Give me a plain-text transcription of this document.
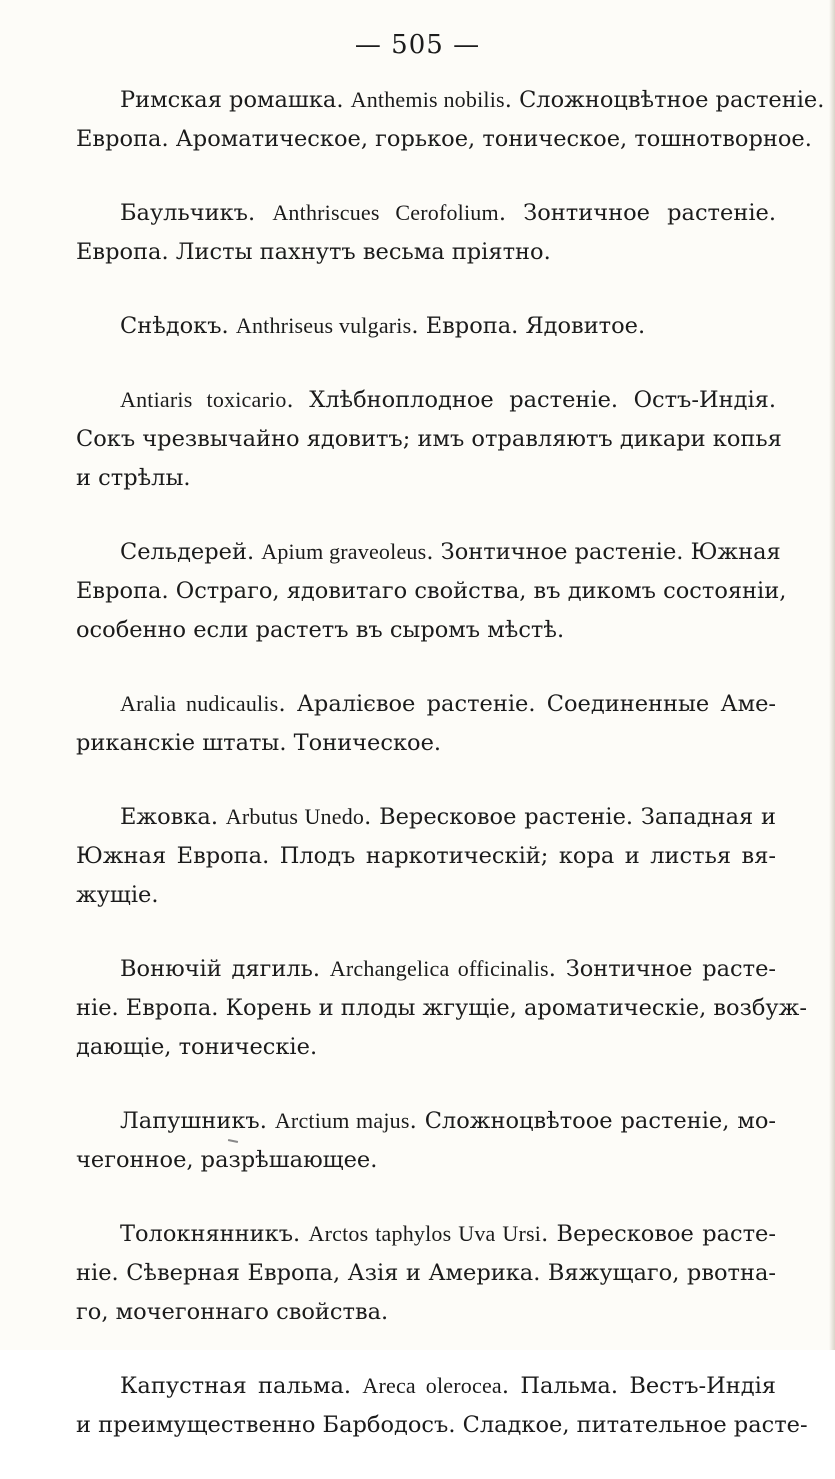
— 505 —
Римская ромашка. Anthemis nobilis. Сложноцвѣтное растеніе.
Европа. Ароматическое, горькое, тоническое, тошнотворное.
Баульчикъ. Anthriscues Cerofolium. Зонтичное растеніе.
Европа. Листы пахнутъ весьма пріятно.
Снѣдокъ. Anthriseus vulgaris. Европа. Ядовитое.
Antiaris toxicario. Хлѣбноплодное растеніе. Остъ-Индія.
Сокъ чрезвычайно ядовитъ; имъ отравляютъ дикари копья
и стрѣлы.
Сельдерей. Apium graveoleus. Зонтичное растеніе. Южная
Европа. Остраго, ядовитаго свойства, въ дикомъ состояніи,
особенно если растетъ въ сыромъ мѣстѣ.
Aralia nudicaulis. Аралієвое растеніе. Соединенные Аме-
риканскіе штаты. Тоническое.
Ежовка. Arbutus Unedo. Вересковое растеніе. Западная и
Южная Европа. Плодъ наркотическій; кора и листья вя-
жущіе.
Вонючій дягиль. Archangelica officinalis. Зонтичное расте-
ніе. Европа. Корень и плоды жгущіе, ароматическіе, возбуж-
дающіе, тоническіе.
Лапушникъ. Arctium majus. Сложноцвѣтоое растеніе, мо-
чегонное, разрѣшающее.
Толокнянникъ. Arctos taphylos Uva Ursi. Вересковое расте-
ніе. Сѣверная Европа, Азія и Америка. Вяжущаго, рвотна-
го, мочегоннаго свойства.
Капустная пальма. Areca olerocea. Пальма. Вестъ-Индія
и преимущественно Барбодосъ. Сладкое, питательное расте-
